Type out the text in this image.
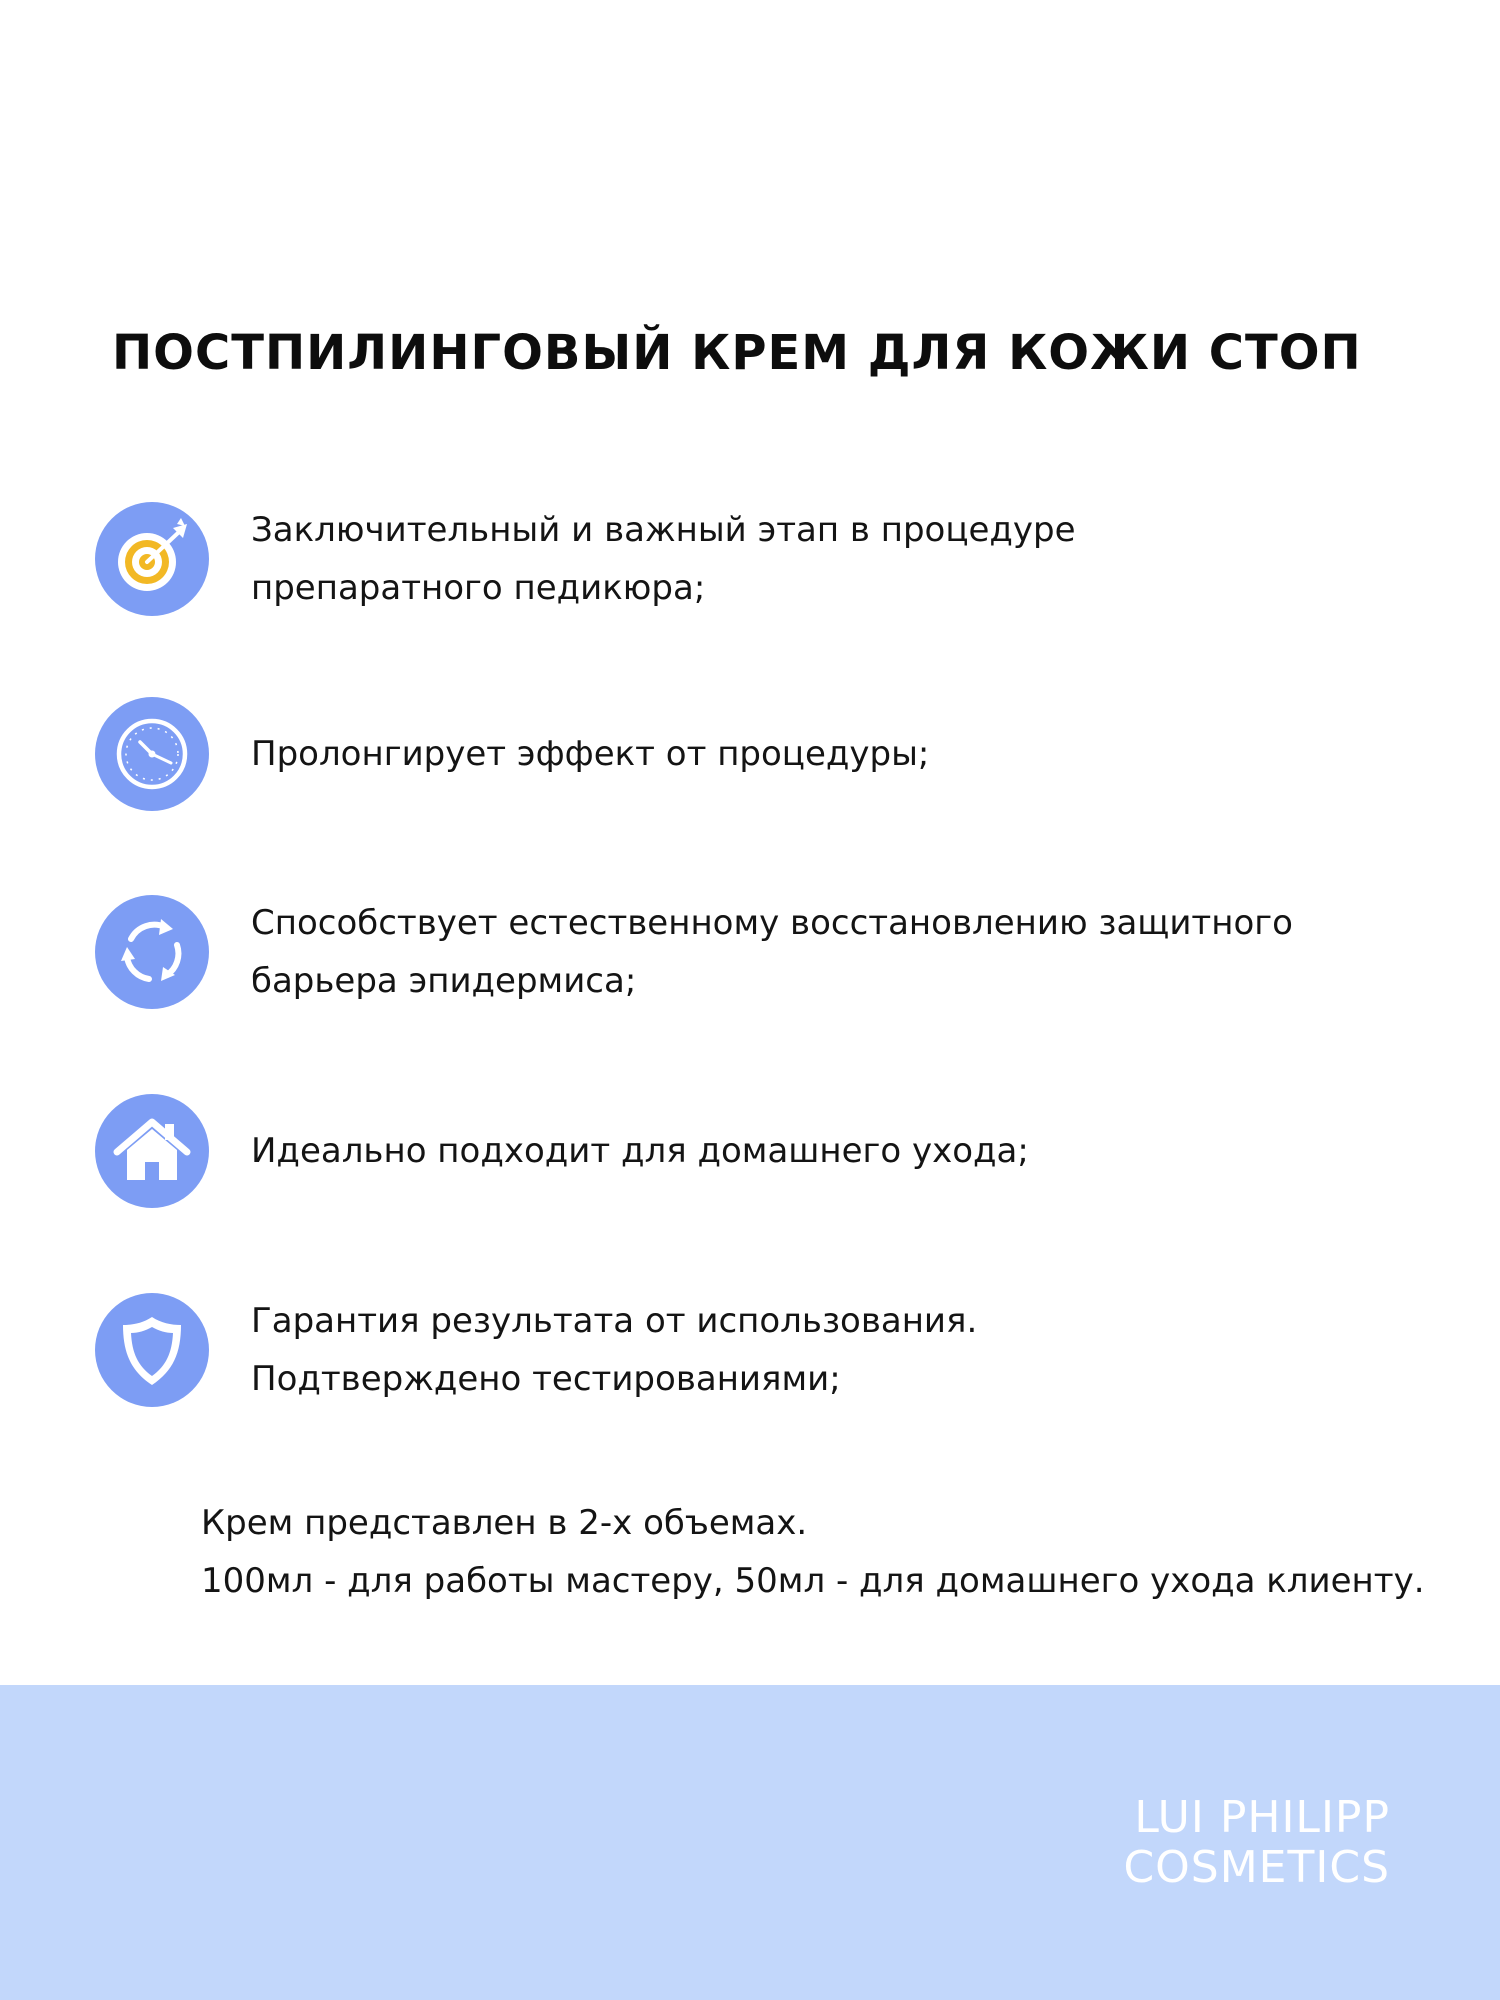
ПОСТПИЛИНГОВЫЙ КРЕМ ДЛЯ КОЖИ СТОП
Заключительный и важный этап в процедуре
препаратного педикюра;
Пролонгирует эффект от процедуры;
Способствует естественному восстановлению защитного
барьера эпидермиса;
Идеально подходит для домашнего ухода;
Гарантия результата от использования.
Подтверждено тестированиями;
Крем представлен в 2-х объемах.
100мл - для работы мастеру, 50мл - для домашнего ухода клиенту.
LUI PHILIPP
COSMETICS
